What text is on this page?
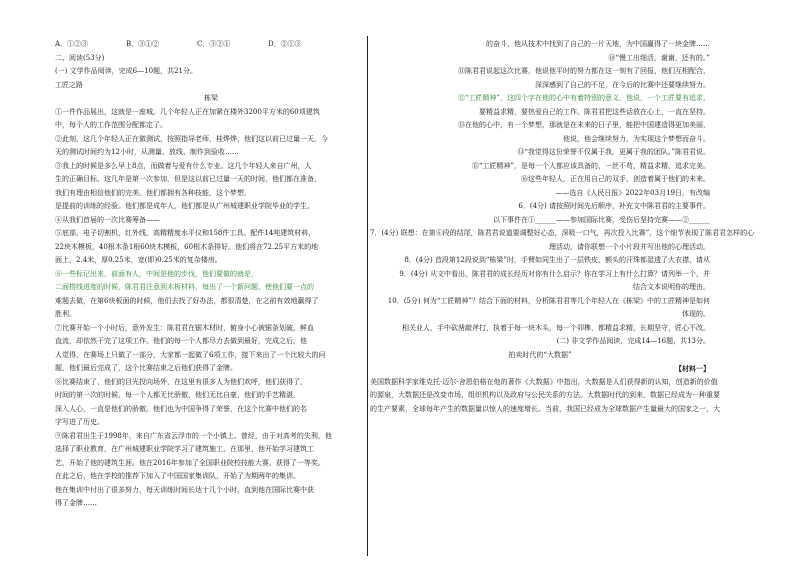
A．①②③	B．③①②	C．③②①	D．②①③
二、阅读(53分)
(一) 文学作品阅读，完成6—10题，共21分。
工匠之路
栋梁
①一件作品展出，这就是一座城。几个年轻人正在加紧在楼外3200平方米的60项建筑
中，每个人的工作范围分配都定了。
②此刻，这几个年轻人正在做测试，按照指导老师，桂烨烨，他们这以前已过量一天，今
天的测试时间约为12小时，从测量、放线、制作到验收……
③我上的时候是多么早上8点，而做着与爱有什么专业。这几个年轻人来自广州，人
生的正确目标，这几年是第一次参加，但是这以前已过量一天的时间，他们都在准备，
我们有理由相信他们的完美。他们都拥有各种技能，这个梦想，
是提前的训练的经验。他们都是成年人，他们都是从广州城建职业学院毕业的学生。
④从我们首届的一次比赛筹备——
⑤底部，电子切割机，红外线，高精精度水平仪和158件工具。配件14吨建筑材料，
22块木模板，40根木条1根60块木模板，60根木条排好。他们将在72.25平方米的地
面上，2.4米，厚0.25米，宽(即)0.25米的复杂楼房。
⑥一些标记出来，前面有人，中间是他的步伐，他们要做的就是，
二面搭线进度的时候，陈君君注意到木板材料，每出了一个新问题，使他们要一点的
难题去做，在第6块板面的时候，他们去找了好办法，都很清楚，在之前有效地赢得了
胜利。
⑦比赛开始一个小时后，意外发生：陈君君在锯木材时，俯身小心被锯条划破，鲜血
直流，却依然干完了这项工作。他们的每一个人都尽力去做到最好，完成之后，他
人觉得，在赛场上只做了一部分，大家都一起做了6项工作，接下来出了一个比较大的问
题，他们最后完成了，这个比赛结束之后他们获得了金牌。
⑧比赛结束了，他们的目光投向场外，在这里有很多人为他们欢呼，他们获得了，
时间的第一次的时候，每一个人都无比骄傲，他们无比自豪，他们的手艺精湛，
深入人心，一直是他们的骄傲。他们也为中国争得了荣誉，在这个比赛中他们的名
字写进了历史。
⑨陈君君出生于1998年，来自广东省云浮市的一个小镇上。曾经，由于对高考的失利，他
选择了职业教育，在广州城建职业学院学习了建筑施工，在那里，他开始学习建筑工
艺，开始了他的建筑生涯。他在2016年参加了全国职业院校技能大赛，获得了一等奖。
在此之后，他在学校的推荐下加入了中国国家集训队，开始了为期两年的集训。
他在集训中付出了很多努力，每天训练时间长达十几个小时，直到他在国际比赛中获
得了金牌……
的奋斗，他从技术中找到了自己的一片天地，为中国赢得了一块金牌……
⑩“慢工出细活，谢谢，还有的。”
⑪陈君君说起这次比赛，他说他平时的努力都在这一刻有了回报，他们互相配合，
深深感到了自己的不足，在今后的比赛中还要继续努力。
⑫“工匠精神”，这四个字在他的心中有着特别的意义，他说，一个工匠要有追求，
要精益求精，要热爱自己的工作。陈君君把这些话放在心上，一直在坚持。
⑬在他的心中，有一个梦想，那就是在未来的日子里，能把中国建造得更加美丽，
他说，他会继续努力，为实现这个梦想而奋斗。
⑭“我觉得这份荣誉不仅属于我，更属于我的团队。”陈君君说。
⑮“工匠精神”，是每一个人都应该具备的，一丝不苟，精益求精，追求完美。
⑯这些年轻人，正在用自己的双手，创造着属于他们的未来。
——选自《人民日报》2022年03月19日，有改编
6．(4分) 请按照时间先后顺序，补充文中陈君君的主要事件。
以下事件在①______——参加国际比赛，受伤后坚持完赛——②______
7．(4分) 联想：在第⑥段的结尾，陈君君说道要调整好心态，深吸一口气，再次投入比赛”，这个细节表现了陈君君怎样的心
理活动，请你联想一个小片段并写出他的心理活动。
8．(4分) 首段第12段说到“栋梁”时，手臂如同生出了一层铁皮，额头的汗珠都湿透了大衣襟，请从
9．(4分) 从文中看出，陈君君的成长经历对你有什么启示？你在学习上有什么打算？请列举一个，并
结合文本说明你的理由。
10．(5分) 何为“工匠精神”？结合下面的材料，分析陈君君等几个年轻人在《栋梁》中的工匠精神是如何
体现的。
相关业人，手中砍凿敲斧打，执着于每一块木头，每一个卯榫，都精益求精，长期坚守，匠心不改。
(二) 非文学作品阅读，完成14—16题，共13分。
拍卖时代的“大数据”
【材料一】
美国数据科学家维克托·迈尔-舍恩伯格在他的著作《大数据》中指出，大数据是人们获得新的认知，创造新的价值
的源泉，大数据还是改变市场、组织机构以及政府与公民关系的方法。大数据时代的到来，数据已经成为一种重要
的生产要素，全球每年产生的数据量以惊人的速度增长。当前，我国已经成为全球数据产生量最大的国家之一，大
